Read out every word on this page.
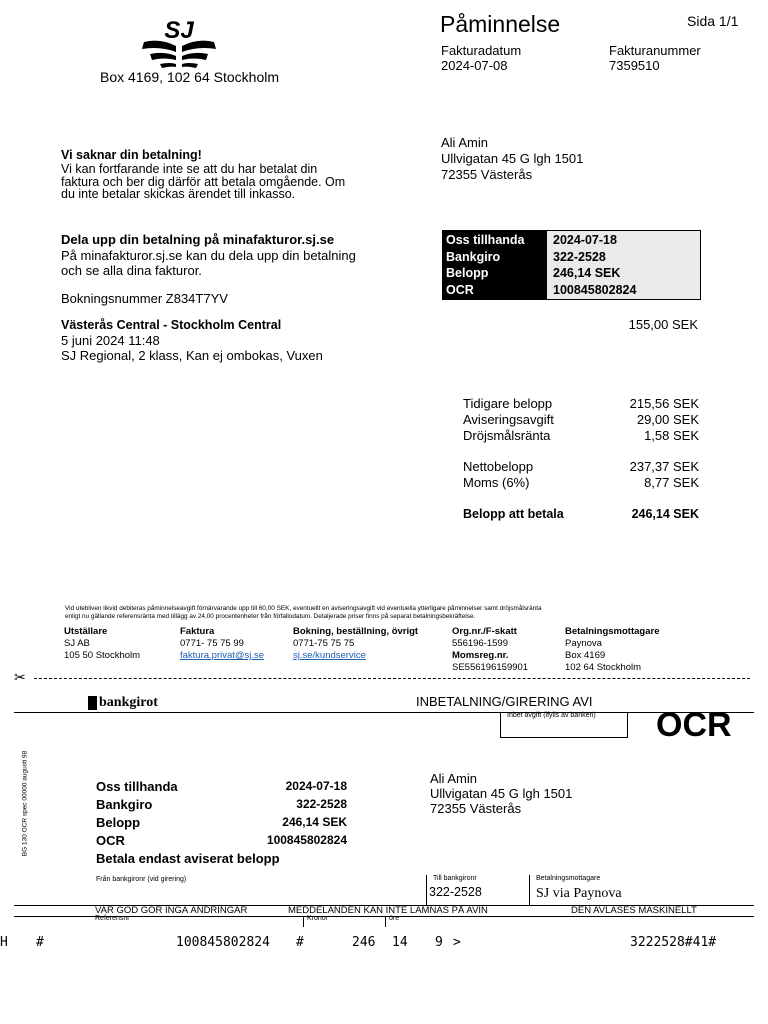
SJ
Box 4169, 102 64 Stockholm
Påminnelse	Sida 1/1
Fakturadatum
2024-07-08
Fakturanummer
7359510
Ali Amin
Ullvigatan 45 G lgh 1501
72355 Västerås
Vi saknar din betalning!
Vi kan fortfarande inte se att du har betalat din
faktura och ber dig därför att betala omgående. Om
du inte betalar skickas ärendet till inkasso.
Dela upp din betalning på minafakturor.sj.se
På minafakturor.sj.se kan du dela upp din betalning
och se alla dina fakturor.
Bokningsnummer Z834T7YV
Oss tillhanda	2024-07-18
Bankgiro	322-2528
Belopp	246,14 SEK
OCR	100845802824
Västerås Central - Stockholm Central
5 juni 2024 11:48
SJ Regional, 2 klass, Kan ej ombokas, Vuxen
155,00 SEK
Tidigare belopp	215,56 SEK
Aviseringsavgift	29,00 SEK
Dröjsmålsränta	1,58 SEK
Nettobelopp	237,37 SEK
Moms (6%)	8,77 SEK
Belopp att betala	246,14 SEK
Vid utebliven likvid debiteras påminnelseavgift förnärvarande upp till 60,00 SEK, eventuellt en aviseringsavgift vid eventuella ytterligare påminnelser samt dröjsmålsränta
enligt nu gällande referensränta med tillägg av 24,00 procentenheter från förfallodatum. Detaljerade priser finns på separat betalningsbekräftelse.
Utställare
SJ AB
105 50 Stockholm
Faktura
0771- 75 75 99
faktura.privat@sj.se
Bokning, beställning, övrigt
0771-75 75 75
sj.se/kundservice
Org.nr./F-skatt
556196-1599
Momsreg.nr.
SE556196159901
Betalningsmottagare
Paynova
Box 4169
102 64 Stockholm
✂
bankgirot	INBETALNING/GIRERING AVI
Inbet avgift (ifylls av banken) OCR
BG 130 OCR spec 00000 augusti 98	Oss tillhanda	2024-07-18
Bankgiro	322-2528
Belopp	246,14 SEK
OCR	100845802824
Betala endast aviserat belopp
Ali Amin
Ullvigatan 45 G lgh 1501
72355 Västerås
Från bankgironr (vid girering)	Till bankgironr
322-2528
Betalningsmottagare
SJ via Paynova
VAR GOD GÖR INGA ÄNDRINGAR	MEDDELANDEN KAN INTE LÄMNAS PÅ AVIN	DEN AVLÄSES MASKINELLT
Referensnr	Kronor	öre
H #	100845802824 #	246 14 9 >	3222528#41#
